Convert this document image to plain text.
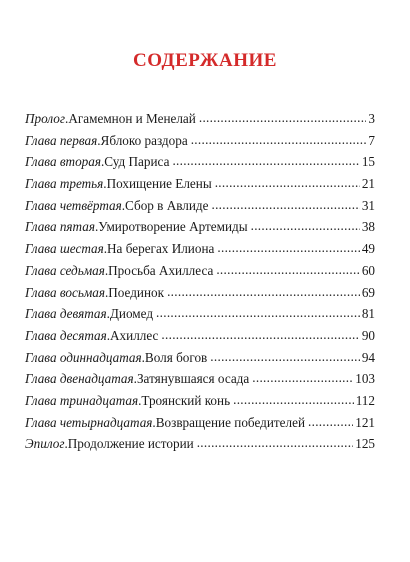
СОДЕРЖАНИЕ
Пролог . Агамемнон и Менелай .....	3
Глава первая . Яблоко раздора .....	7
Глава вторая . Суд Париса .....	15
Глава третья . Похищение Елены .....	21
Глава четвёртая . Сбор в Авлиде .....	31
Глава пятая . Умиротворение Артемиды .....	38
Глава шестая . На берегах Илиона .....	49
Глава седьмая . Просьба Ахиллеса .....	60
Глава восьмая . Поединок .....	69
Глава девятая . Диомед .....	81
Глава десятая . Ахиллес .....	90
Глава одиннадцатая . Воля богов .....	94
Глава двенадцатая . Затянувшаяся осада .....	103
Глава тринадцатая . Троянский конь .....	112
Глава четырнадцатая . Возвращение победителей .....	121
Эпилог . Продолжение истории .....	125
